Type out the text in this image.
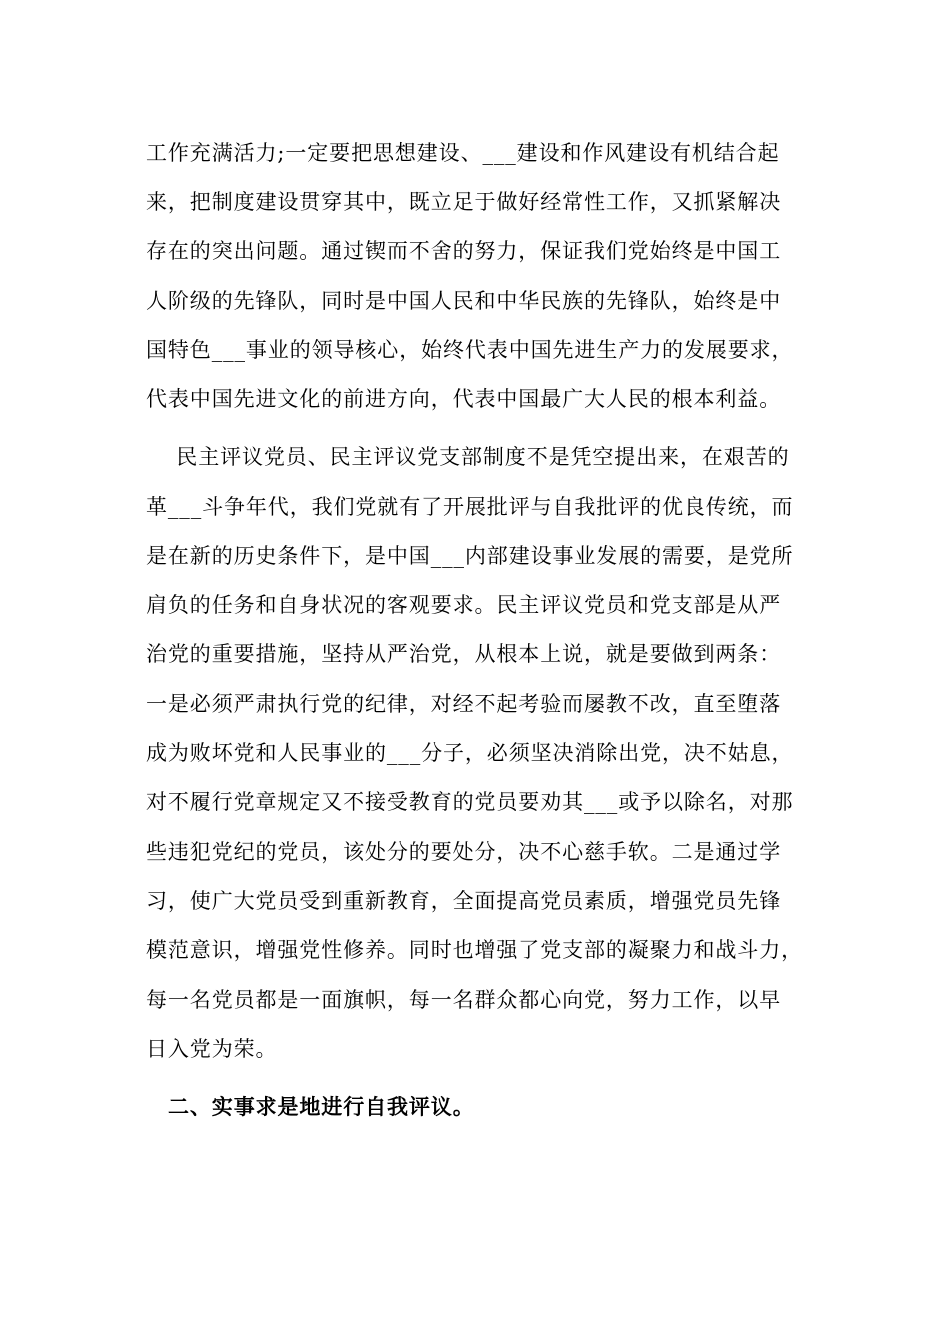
工作充满活力;一定要把思想建设、___建设和作风建设有机结合起
来，把制度建设贯穿其中，既立足于做好经常性工作，又抓紧解决
存在的突出问题。通过锲而不舍的努力，保证我们党始终是中国工
人阶级的先锋队，同时是中国人民和中华民族的先锋队，始终是中
国特色___事业的领导核心，始终代表中国先进生产力的发展要求，
代表中国先进文化的前进方向，代表中国最广大人民的根本利益。
民主评议党员、民主评议党支部制度不是凭空提出来，在艰苦的
革___斗争年代，我们党就有了开展批评与自我批评的优良传统，而
是在新的历史条件下，是中国___内部建设事业发展的需要，是党所
肩负的任务和自身状况的客观要求。民主评议党员和党支部是从严
治党的重要措施，坚持从严治党，从根本上说，就是要做到两条：
一是必须严肃执行党的纪律，对经不起考验而屡教不改，直至堕落
成为败坏党和人民事业的___分子，必须坚决消除出党，决不姑息，
对不履行党章规定又不接受教育的党员要劝其___或予以除名，对那
些违犯党纪的党员，该处分的要处分，决不心慈手软。二是通过学
习，使广大党员受到重新教育，全面提高党员素质，增强党员先锋
模范意识，增强党性修养。同时也增强了党支部的凝聚力和战斗力，
每一名党员都是一面旗帜，每一名群众都心向党，努力工作，以早
日入党为荣。
二、实事求是地进行自我评议。
